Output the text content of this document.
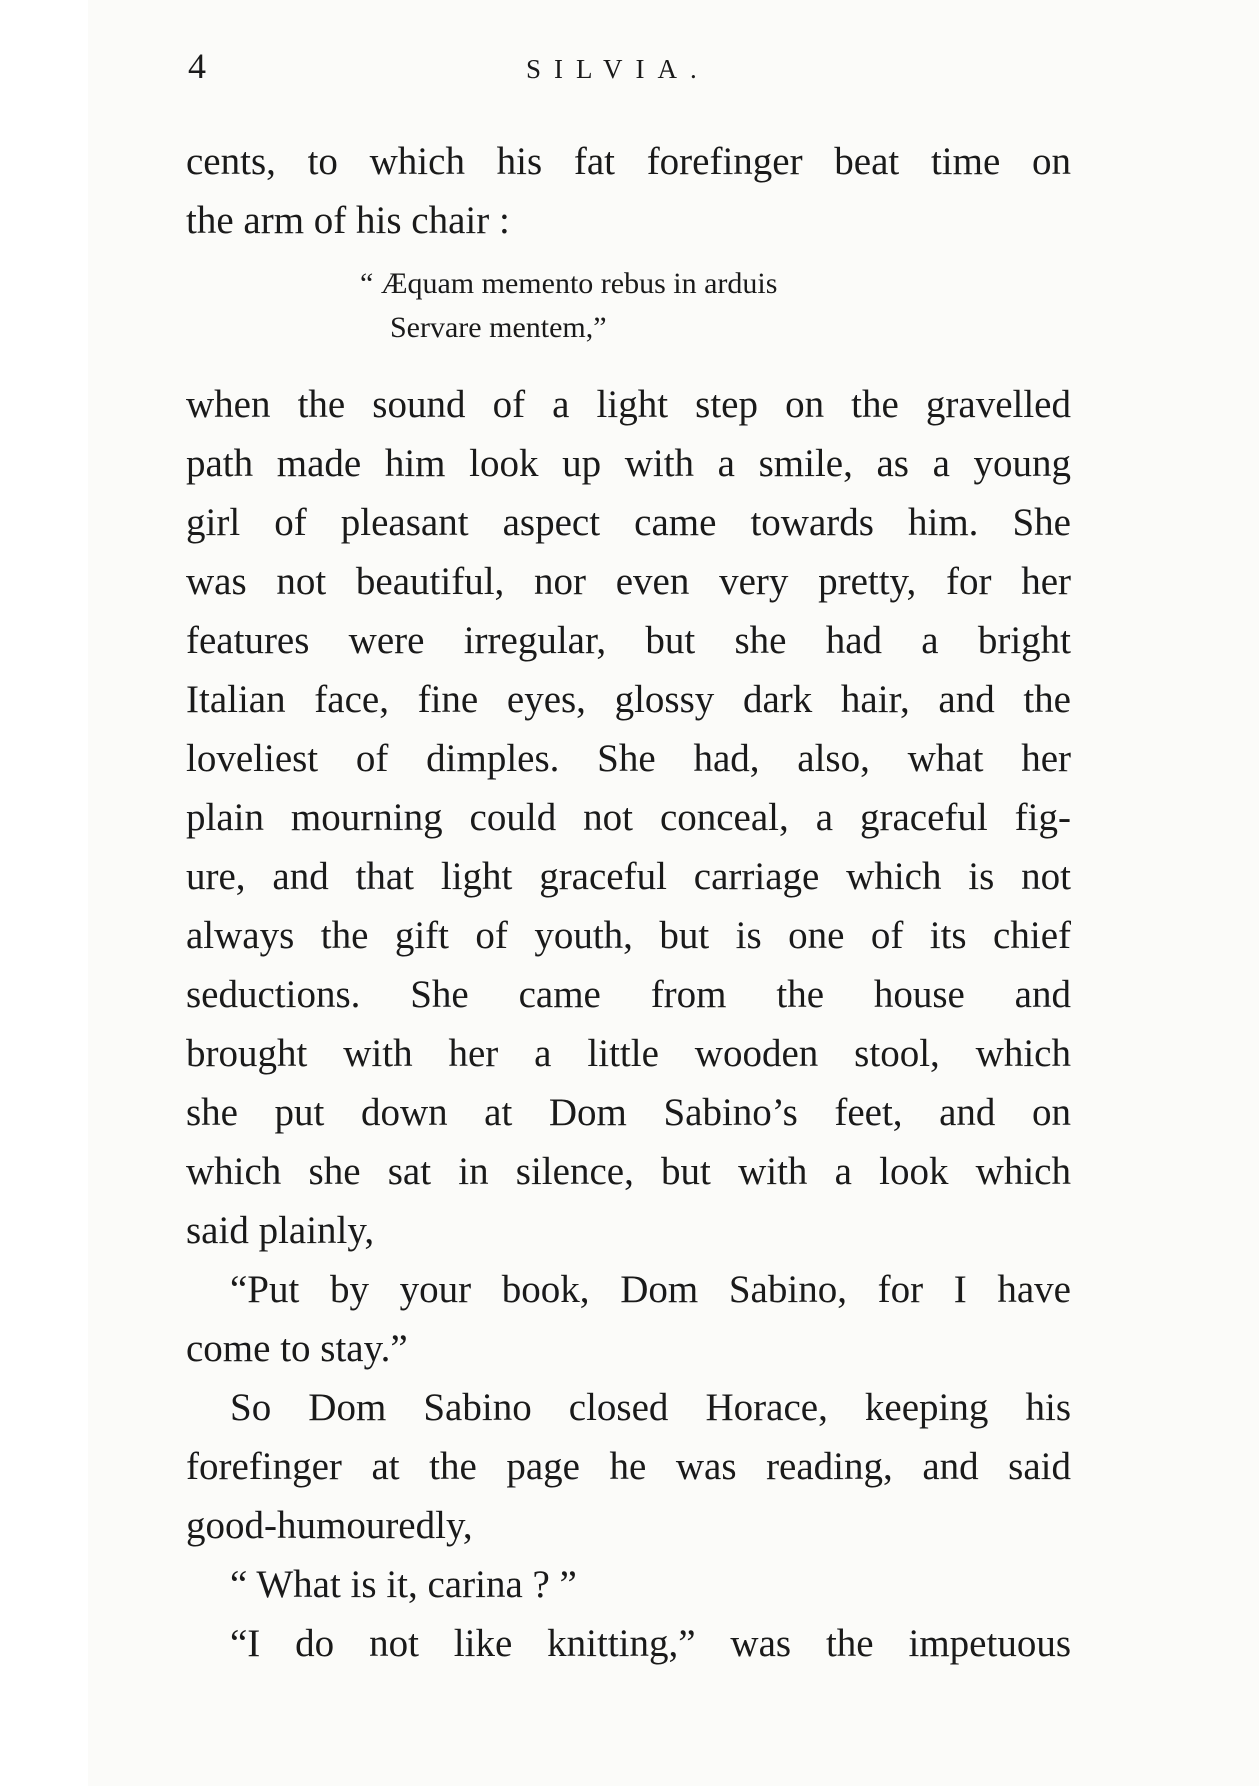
4	SILVIA.
cents, to which his fat forefinger beat time on
the arm of his chair :
“ Æquam memento rebus in arduis
Servare mentem,”
when the sound of a light step on the gravelled
path made him look up with a smile, as a young
girl of pleasant aspect came towards him. She
was not beautiful, nor even very pretty, for her
features were irregular, but she had a bright
Italian face, fine eyes, glossy dark hair, and the
loveliest of dimples. She had, also, what her
plain mourning could not conceal, a graceful fig-
ure, and that light graceful carriage which is not
always the gift of youth, but is one of its chief
seductions. She came from the house and
brought with her a little wooden stool, which
she put down at Dom Sabino’s feet, and on
which she sat in silence, but with a look which
said plainly,
“Put by your book, Dom Sabino, for I have
come to stay.”
So Dom Sabino closed Horace, keeping his
forefinger at the page he was reading, and said
good-humouredly,
“ What is it, carina ? ”
“I do not like knitting,” was the impetuous
